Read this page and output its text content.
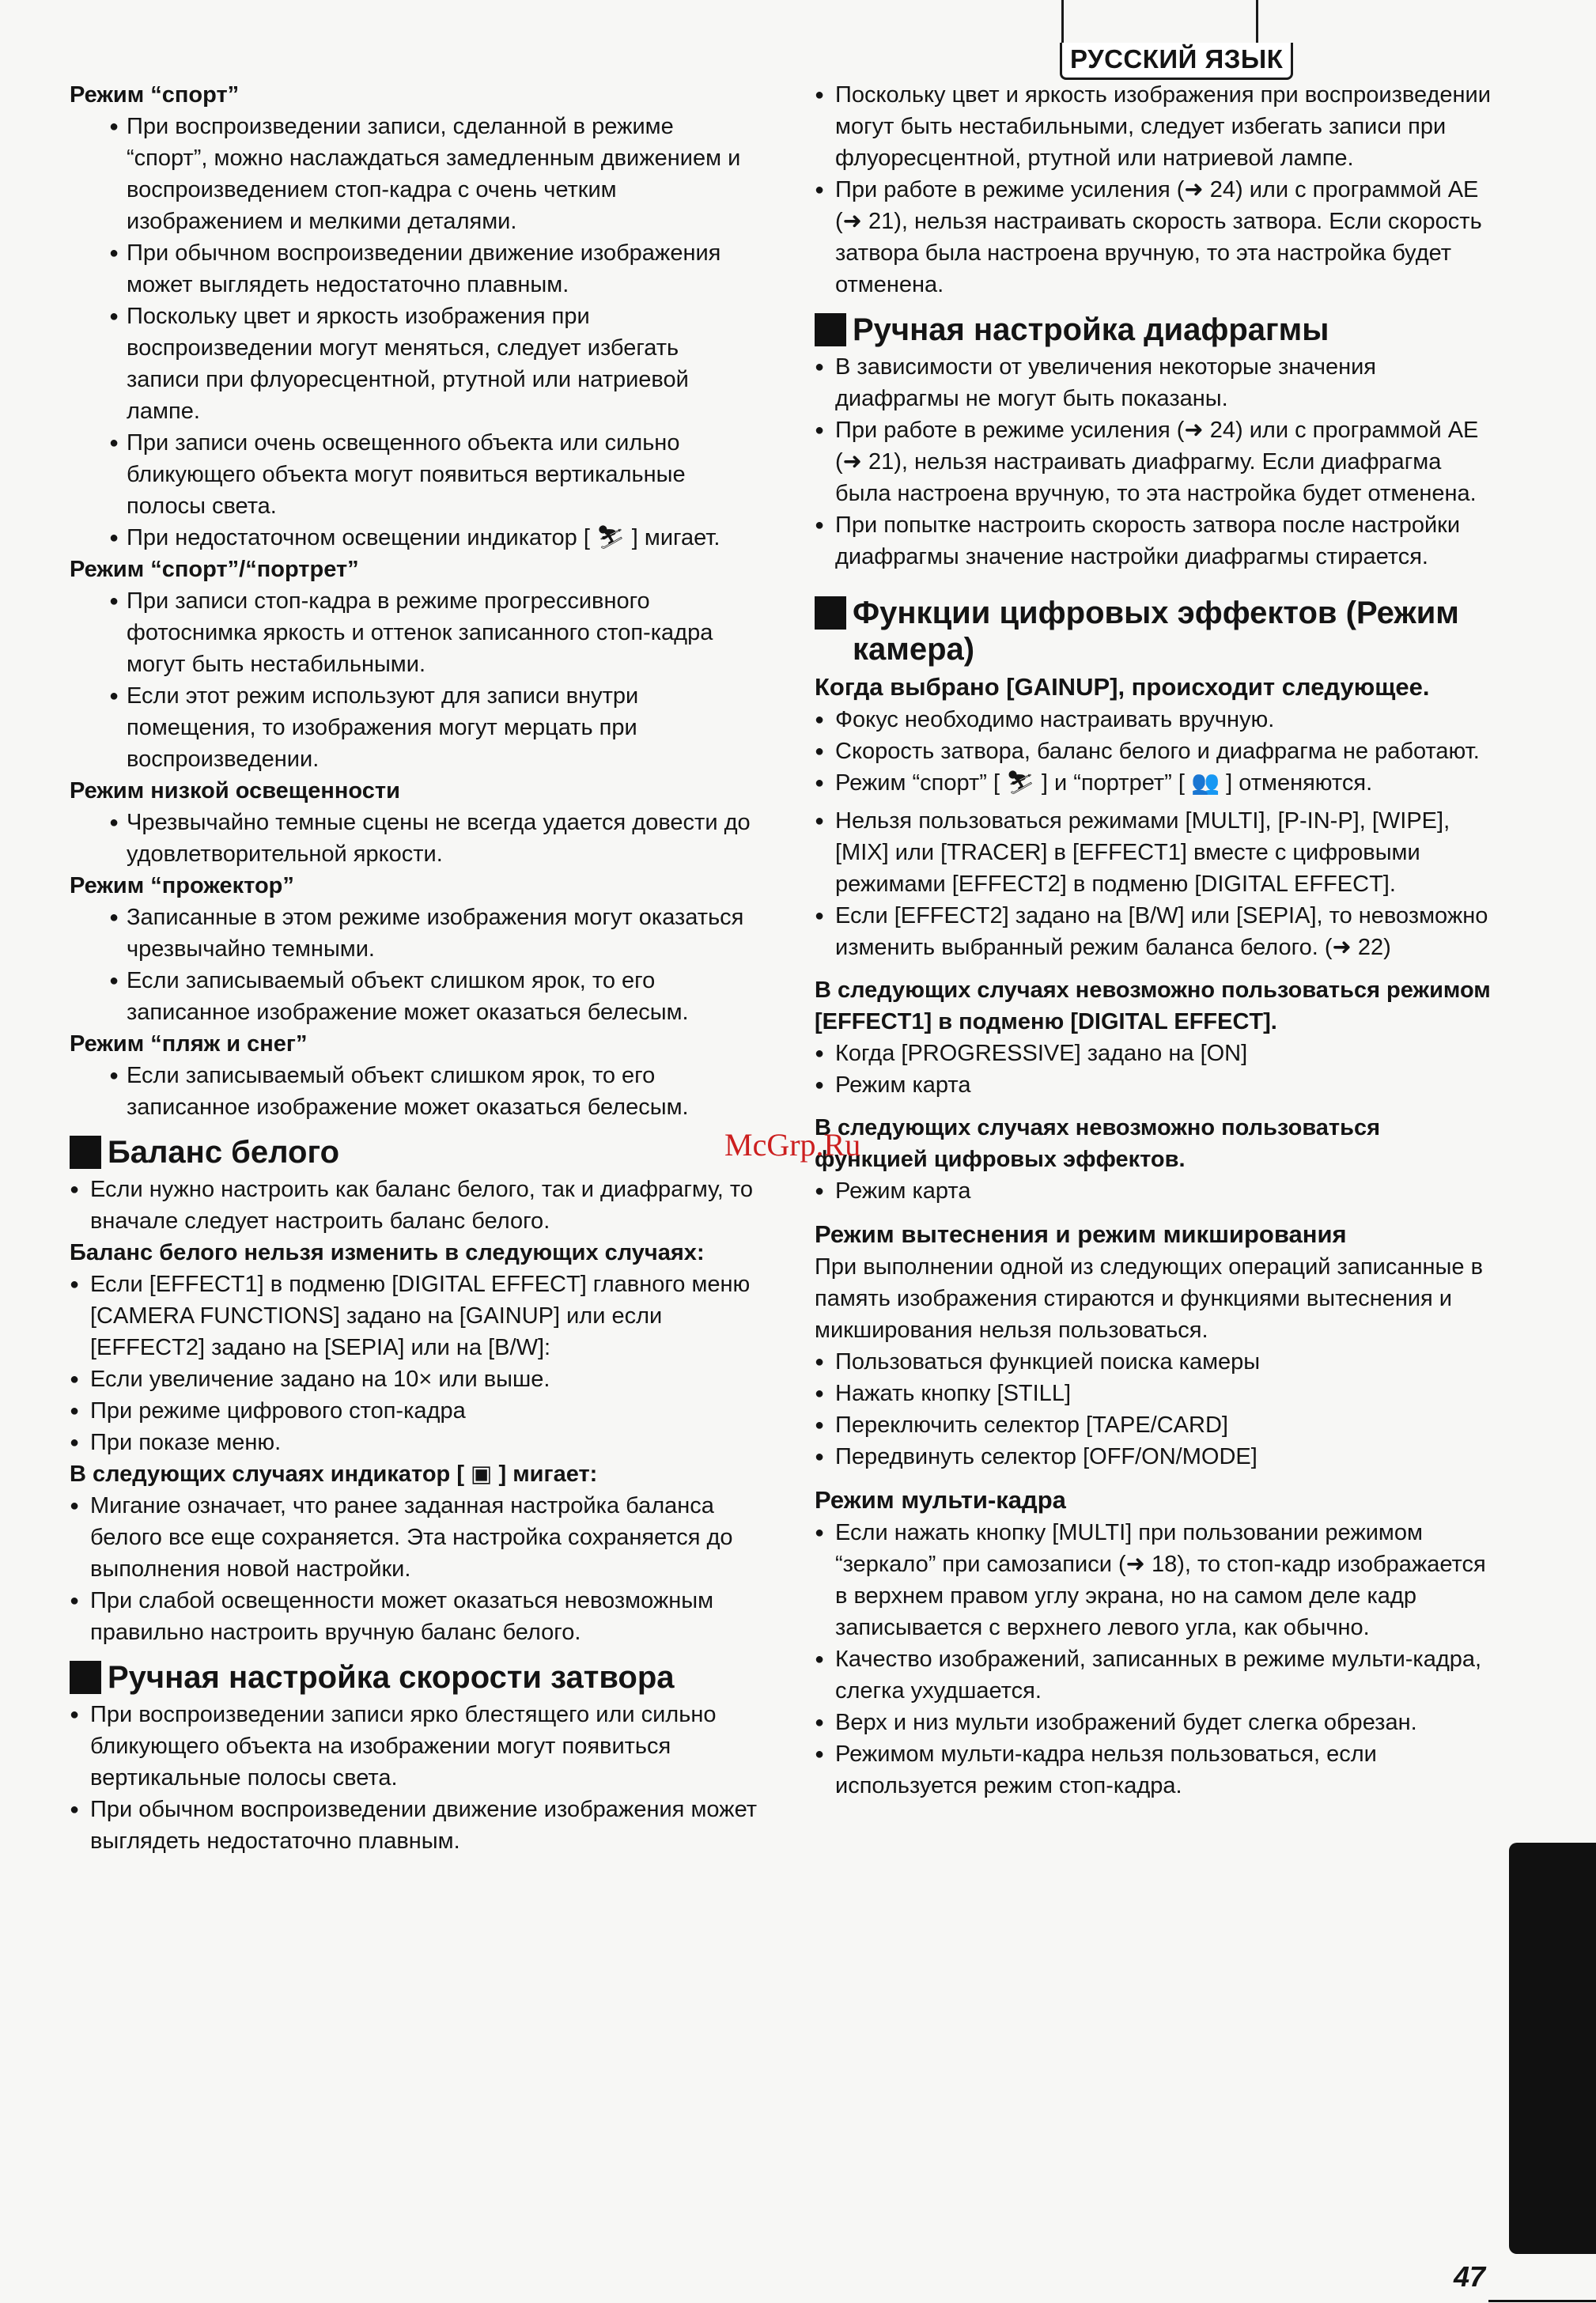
РУССКИЙ ЯЗЫК

Режим “спорт”

● При воспроизведении записи, сделанной в режиме “спорт”, можно наслаждаться замедленным движением и воспроизведением стоп-кадра с очень четким изображением и мелкими деталями.

● При обычном воспроизведении движение изображения может выглядеть недостаточно плавным.

● Поскольку цвет и яркость изображения при воспроизведении могут меняться, следует избегать записи при флуоресцентной, ртутной или натриевой лампе.

● При записи очень освещенного объекта или сильно бликующего объекта могут появиться вертикальные полосы света.

● При недостаточном освещении индикатор [ ⛷ ] мигает.

Режим “спорт”/“портрет”

● При записи стоп-кадра в режиме прогрессивного фотоснимка яркость и оттенок записанного стоп-кадра могут быть нестабильными.

● Если этот режим используют для записи внутри помещения, то изображения могут мерцать при воспроизведении.

Режим низкой освещенности

● Чрезвычайно темные сцены не всегда удается довести до удовлетворительной яркости.

Режим “прожектор”

● Записанные в этом режиме изображения могут оказаться чрезвычайно темными.

● Если записываемый объект слишком ярок, то его записанное изображение может оказаться белесым.

Режим “пляж и снег”

● Если записываемый объект слишком ярок, то его записанное изображение может оказаться белесым.

Баланс белого

● Если нужно настроить как баланс белого, так и диафрагму, то вначале следует настроить баланс белого.

Баланс белого нельзя изменить в следующих случаях:

● Если [EFFECT1] в подменю [DIGITAL EFFECT] главного меню [CAMERA FUNCTIONS] задано на [GAINUP] или если [EFFECT2] задано на [SEPIA] или на [B/W]:

● Если увеличение задано на 10× или выше.

● При режиме цифрового стоп-кадра

● При показе меню.

В следующих случаях индикатор [ ▣ ] мигает:

● Мигание означает, что ранее заданная настройка баланса белого все еще сохраняется. Эта настройка сохраняется до выполнения новой настройки.

● При слабой освещенности может оказаться невозможным правильно настроить вручную баланс белого.

Ручная настройка скорости затвора

● При воспроизведении записи ярко блестящего или сильно бликующего объекта на изображении могут появиться вертикальные полосы света.

● При обычном воспроизведении движение изображения может выглядеть недостаточно плавным.

● Поскольку цвет и яркость изображения при воспроизведении могут быть нестабильными, следует избегать записи при флуоресцентной, ртутной или натриевой лампе.

● При работе в режиме усиления (➜ 24) или с программой AE (➜ 21), нельзя настраивать скорость затвора. Если скорость затвора была настроена вручную, то эта настройка будет отменена.

Ручная настройка диафрагмы

● В зависимости от увеличения некоторые значения диафрагмы не могут быть показаны.

● При работе в режиме усиления (➜ 24) или с программой AE (➜ 21), нельзя настраивать диафрагму. Если диафрагма была настроена вручную, то эта настройка будет отменена.

● При попытке настроить скорость затвора после настройки диафрагмы значение настройки диафрагмы стирается.

Функции цифровых эффектов (Режим камера)

Когда выбрано [GAINUP], происходит следующее.

● Фокус необходимо настраивать вручную.

● Скорость затвора, баланс белого и диафрагма не работают.

● Режим “спорт” [ ⛷ ] и “портрет” [ 👥 ] отменяются.

● Нельзя пользоваться режимами [MULTI], [P-IN-P], [WIPE], [MIX] или [TRACER] в [EFFECT1] вместе с цифровыми режимами [EFFECT2] в подменю [DIGITAL EFFECT].

● Если [EFFECT2] задано на [B/W] или [SEPIA], то невозможно изменить выбранный режим баланса белого. (➜ 22)

В следующих случаях невозможно пользоваться режимом [EFFECT1] в подменю [DIGITAL EFFECT].

● Когда [PROGRESSIVE] задано на [ON]

● Режим карта

В следующих случаях невозможно пользоваться функцией цифровых эффектов.

● Режим карта

Режим вытеснения и режим микширования

При выполнении одной из следующих операций записанные в память изображения стираются и функциями вытеснения и микширования нельзя пользоваться.

● Пользоваться функцией поиска камеры

● Нажать кнопку [STILL]

● Переключить селектор [TAPE/CARD]

● Передвинуть селектор [OFF/ON/MODE]

Режим мульти-кадра

● Если нажать кнопку [MULTI] при пользовании режимом “зеркало” при самозаписи (➜ 18), то стоп-кадр изображается в верхнем правом углу экрана, но на самом деле кадр записывается с верхнего левого угла, как обычно.

● Качество изображений, записанных в режиме мульти-кадра, слегка ухудшается.

● Верх и низ мульти изображений будет слегка обрезан.

● Режимом мульти-кадра нельзя пользоваться, если используется режим стоп-кадра.

McGrp.Ru
47
